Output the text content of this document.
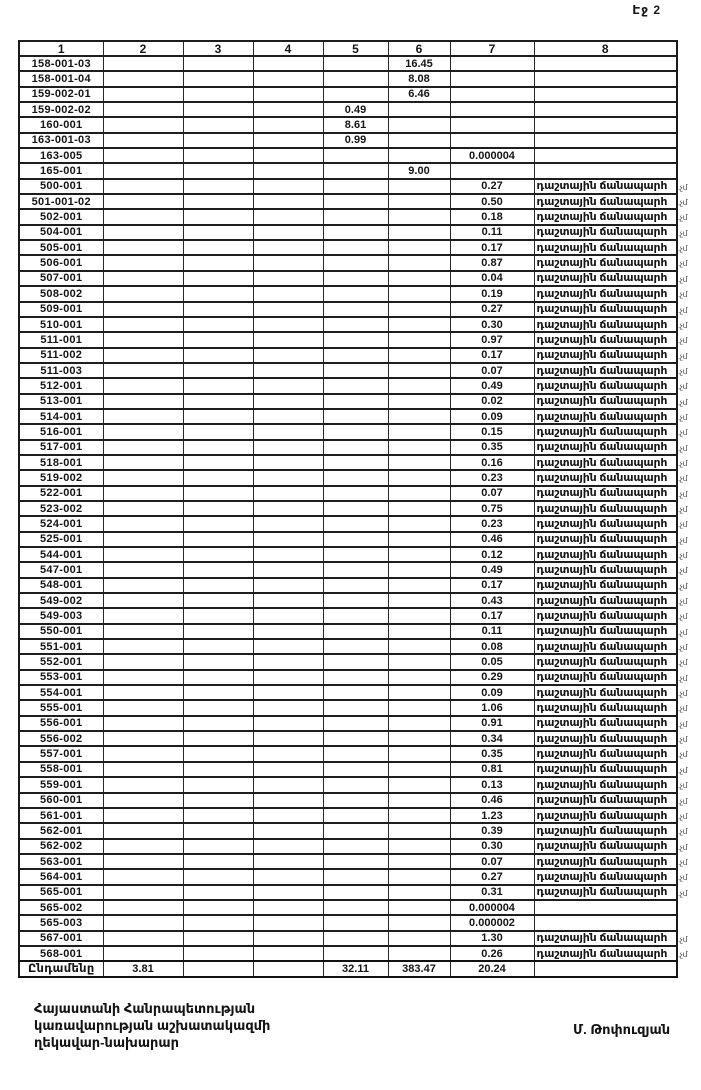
Էջ 2
1	2	3	4	5	6	7	8
158-001-03					16.45		
158-001-04					8.08		
159-002-01					6.46		
159-002-02				0.49			
160-001				8.61			
163-001-03				0.99			
163-005						0.000004	
165-001					9.00		
500-001						0.27	դաշտային ճանապարհ .չմ

501-001-02						0.50	դաշտային ճանապարհ .չմ

502-001						0.18	դաշտային ճանապարհ .չմ

504-001						0.11	դաշտային ճանապարհ .չմ

505-001						0.17	դաշտային ճանապարհ .չմ

506-001						0.87	դաշտային ճանապարհ .չմ

507-001						0.04	դաշտային ճանապարհ .չմ

508-002						0.19	դաշտային ճանապարհ .չմ

509-001						0.27	դաշտային ճանապարհ .չմ

510-001						0.30	դաշտային ճանապարհ .չմ

511-001						0.97	դաշտային ճանապարհ .չմ

511-002						0.17	դաշտային ճանապարհ .չմ

511-003						0.07	դաշտային ճանապարհ .չմ

512-001						0.49	դաշտային ճանապարհ .չմ

513-001						0.02	դաշտային ճանապարհ .չմ

514-001						0.09	դաշտային ճանապարհ .չմ

516-001						0.15	դաշտային ճանապարհ .չմ

517-001						0.35	դաշտային ճանապարհ .չմ

518-001						0.16	դաշտային ճանապարհ .չմ

519-002						0.23	դաշտային ճանապարհ .չմ

522-001						0.07	դաշտային ճանապարհ .չմ

523-002						0.75	դաշտային ճանապարհ .չմ

524-001						0.23	դաշտային ճանապարհ .չմ

525-001						0.46	դաշտային ճանապարհ .չմ

544-001						0.12	դաշտային ճանապարհ .չմ

547-001						0.49	դաշտային ճանապարհ .չմ

548-001						0.17	դաշտային ճանապարհ .չմ

549-002						0.43	դաշտային ճանապարհ .չմ

549-003						0.17	դաշտային ճանապարհ .չմ

550-001						0.11	դաշտային ճանապարհ .չմ

551-001						0.08	դաշտային ճանապարհ .չմ

552-001						0.05	դաշտային ճանապարհ .չմ

553-001						0.29	դաշտային ճանապարհ .չմ

554-001						0.09	դաշտային ճանապարհ .չմ

555-001						1.06	դաշտային ճանապարհ .չմ

556-001						0.91	դաշտային ճանապարհ .չմ

556-002						0.34	դաշտային ճանապարհ .չմ

557-001						0.35	դաշտային ճանապարհ .չմ

558-001						0.81	դաշտային ճանապարհ .չմ

559-001						0.13	դաշտային ճանապարհ .չմ

560-001						0.46	դաշտային ճանապարհ .չմ

561-001						1.23	դաշտային ճանապարհ .չմ

562-001						0.39	դաշտային ճանապարհ .չմ

562-002						0.30	դաշտային ճանապարհ .չմ

563-001						0.07	դաշտային ճանապարհ .չմ

564-001						0.27	դաշտային ճանապարհ .չմ

565-001						0.31	դաշտային ճանապարհ .չմ

565-002						0.000004	
565-003						0.000002	
567-001						1.30	դաշտային ճանապարհ .չմ

568-001						0.26	դաշտային ճանապարհ .չմ

Ընդամենը	3.81			32.11	383.47	20.24	
Հայաստանի Հանրապետության
կառավարության աշխատակազմի
ղեկավար-նախարար
Մ. Թոփուզյան
